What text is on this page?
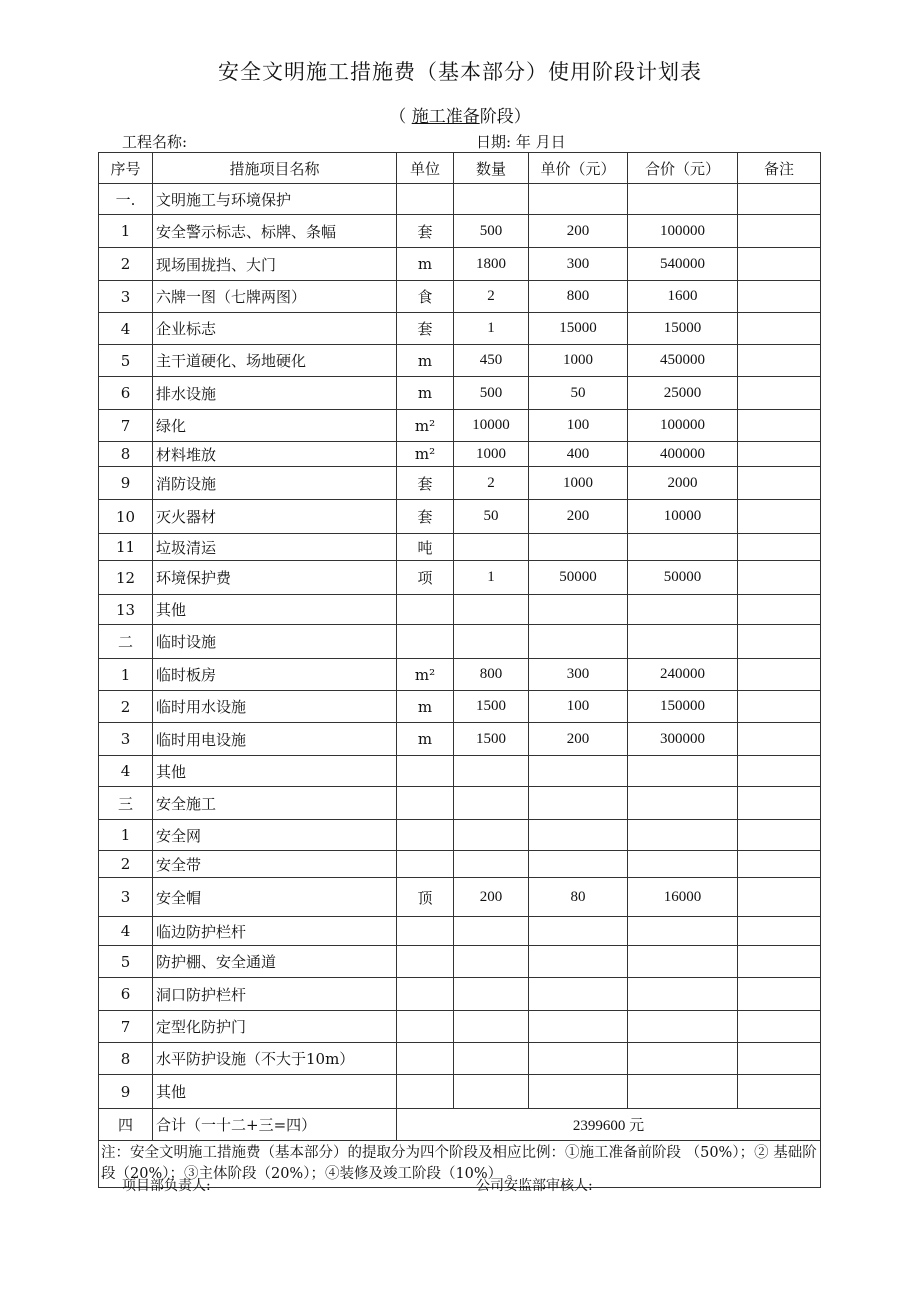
安全文明施工措施费（基本部分）使用阶段计划表
（ 施工准备阶段）
工程名称:	日期: 年 月日
序号	措施项目名称	单位	数量	单价（元）	合价（元）	备注
一.	文明施工与环境保护					
1	安全警示标志、标牌、条幅	套	500	200	100000	
2	现场围拢挡、大门	m	1800	300	540000	
3	六牌一图（七牌两图）	食	2	800	1600	
4	企业标志	套	1	15000	15000	
5	主干道硬化、场地硬化	m	450	1000	450000	
6	排水设施	m	500	50	25000	
7	绿化	m²	10000	100	100000	
8	材料堆放	m²	1000	400	400000	
9	消防设施	套	2	1000	2000	
10	灭火器材	套	50	200	10000	
11	垃圾清运	吨				
12	环境保护费	项	1	50000	50000	
13	其他					
二	临时设施					
1	临时板房	m²	800	300	240000	
2	临时用水设施	m	1500	100	150000	
3	临时用电设施	m	1500	200	300000	
4	其他					
三	安全施工					
1	安全网					
2	安全带					
3	安全帽	顶	200	80	16000	
4	临边防护栏杆					
5	防护棚、安全通道					
6	洞口防护栏杆					
7	定型化防护门					
8	水平防护设施（不大于10m）					
9	其他					
四	合计（一十二+三=四）	2399600 元				
注：安全文明施工措施费（基本部分）的提取分为四个阶段及相应比例：①施工准备前阶段 （50%）；② 基础阶段（20%）；③主体阶段（20%）；④装修及竣工阶段（10%） 。						
项目部负责人:	公司安监部审核人:
